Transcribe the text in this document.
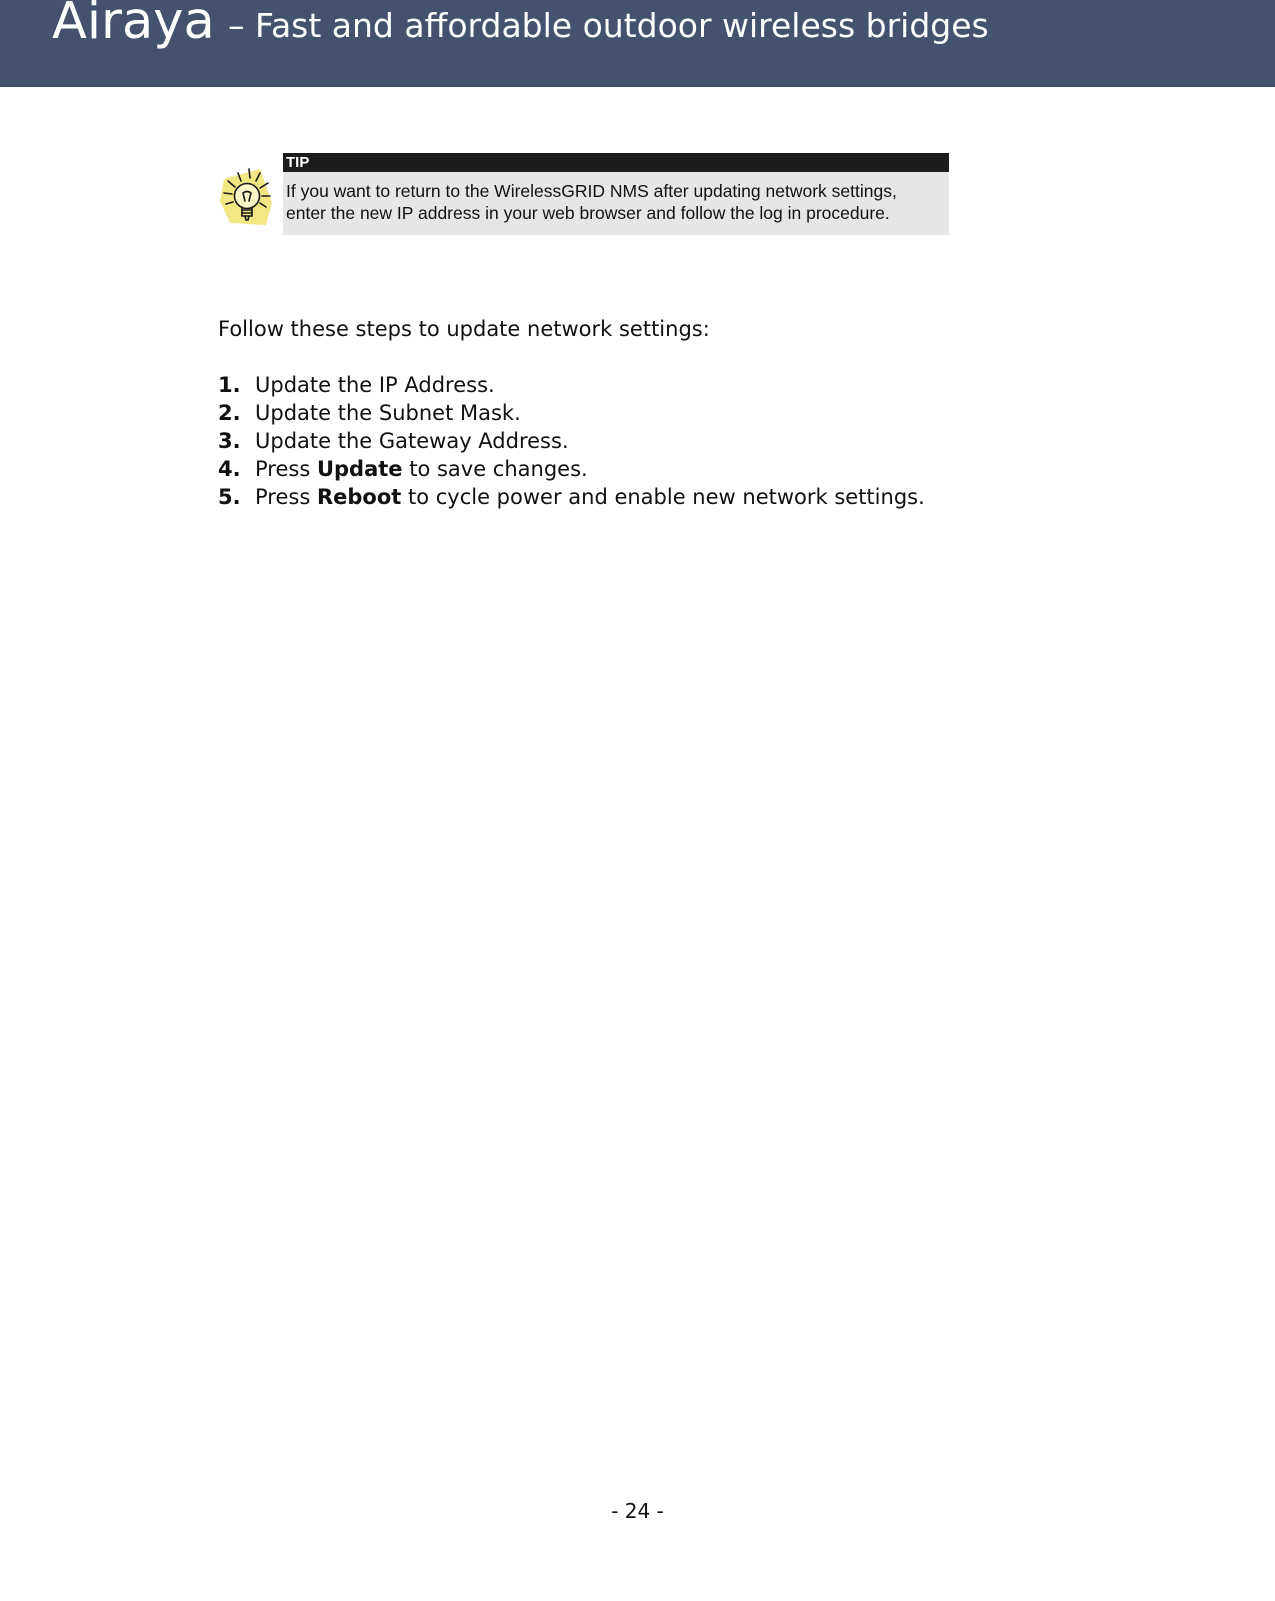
Airaya – Fast and affordable outdoor wireless bridges
TIP
If you want to return to the WirelessGRID NMS after updating network settings, enter the new IP address in your web browser and follow the log in procedure.
Follow these steps to update network settings:
1. Update the IP Address.
2. Update the Subnet Mask.
3. Update the Gateway Address.
4. Press Update to save changes.
5. Press Reboot to cycle power and enable new network settings.
- 24 -
